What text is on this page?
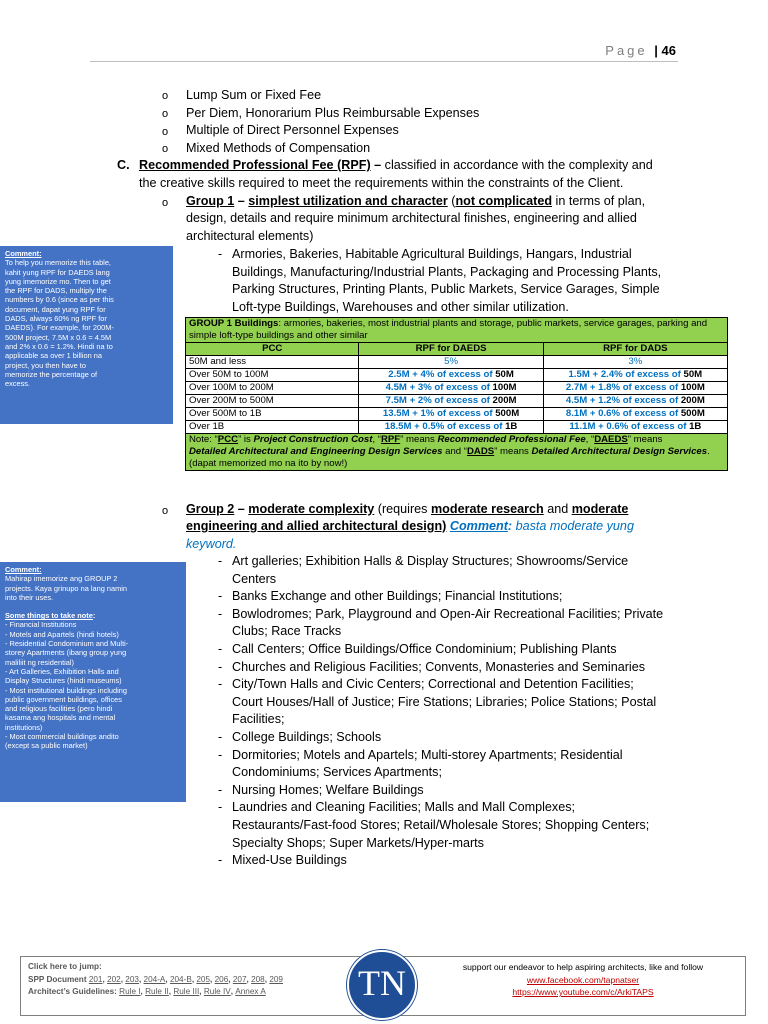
Page | 46
o Lump Sum or Fixed Fee
o Per Diem, Honorarium Plus Reimbursable Expenses
o Multiple of Direct Personnel Expenses
o Mixed Methods of Compensation
C. Recommended Professional Fee (RPF) – classified in accordance with the complexity and
the creative skills required to meet the requirements within the constraints of the Client.
o Group 1 – simplest utilization and character (not complicated in terms of plan,
design, details and require minimum architectural finishes, engineering and allied
architectural elements)
- Armories, Bakeries, Habitable Agricultural Buildings, Hangars, Industrial
Buildings, Manufacturing/Industrial Plants, Packaging and Processing Plants,
Parking Structures, Printing Plants, Public Markets, Service Garages, Simple
Loft-type Buildings, Warehouses and other similar utilization.
GROUP 1 Buildings: armories, bakeries, most industrial plants and storage, public markets, service garages, parking and simple loft-type buildings and other similar		
PCC	RPF for DAEDS	RPF for DADS
50M and less	5%	3%
Over 50M to 100M	2.5M + 4% of excess of 50M	1.5M + 2.4% of excess of 50M
Over 100M to 200M	4.5M + 3% of excess of 100M	2.7M + 1.8% of excess of 100M
Over 200M to 500M	7.5M + 2% of excess of 200M	4.5M + 1.2% of excess of 200M
Over 500M to 1B	13.5M + 1% of excess of 500M	8.1M + 0.6% of excess of 500M
Over 1B	18.5M + 0.5% of excess of 1B	11.1M + 0.6% of excess of 1B
Note: “PCC” is Project Construction Cost, “RPF” means Recommended Professional Fee, “DAEDS” means
Detailed Architectural and Engineering Design Services and “DADS” means Detailed Architectural Design Services. (dapat memorized mo na ito by now!)		
o Group 2 – moderate complexity (requires moderate research and moderate
engineering and allied architectural design) Comment: basta moderate yung
keyword.
- Art galleries; Exhibition Halls & Display Structures; Showrooms/Service
Centers
- Banks Exchange and other Buildings; Financial Institutions;
- Bowlodromes; Park, Playground and Open-Air Recreational Facilities; Private
Clubs; Race Tracks
- Call Centers; Office Buildings/Office Condominium; Publishing Plants
- Churches and Religious Facilities; Convents, Monasteries and Seminaries
- City/Town Halls and Civic Centers; Correctional and Detention Facilities;
Court Houses/Hall of Justice; Fire Stations; Libraries; Police Stations; Postal
Facilities;
- College Buildings; Schools
- Dormitories; Motels and Apartels; Multi-storey Apartments; Residential
Condominiums; Services Apartments;
- Nursing Homes; Welfare Buildings
- Laundries and Cleaning Facilities; Malls and Mall Complexes;
Restaurants/Fast-food Stores; Retail/Wholesale Stores; Shopping Centers;
Specialty Shops; Super Markets/Hyper-marts
- Mixed-Use Buildings
Comment:
To help you memorize this table,
kahit yung RPF for DAEDS lang
yung imemorize mo. Then to get
the RPF for DADS, multiply the
numbers by 0.6 (since as per this
document, dapat yung RPF for
DADS, always 60% ng RPF for
DAEDS). For example, for 200M-
500M project, 7.5M x 0.6 = 4.5M
and 2% x 0.6 = 1.2%. Hindi na to
applicable sa over 1 billion na
project, you then have to
memorize the percentage of
excess.
Comment:
Mahirap imemorize ang GROUP 2
projects. Kaya grinupo na lang namin
into their uses.
Some things to take note:
- Financial Institutions
- Motels and Apartels (hindi hotels)
- Residential Condominium and Multi-
storey Apartments (ibang group yung
maliliit ng residential)
- Art Galleries, Exhibition Halls and
Display Structures (hindi museums)
- Most institutional buildings including
public government buildings, offices
and religious facilities (pero hindi
kasama ang hospitals and mental
institutions)
- Most commercial buildings andito
(except sa public market)
Click here to jump:
SPP Document 201, 202, 203, 204-A, 204-B, 205, 206, 207, 208, 209
Architect’s Guidelines: Rule I, Rule II, Rule III, Rule IV, Annex A	TN	support our endeavor to help aspiring architects, like and follow
www.facebook.com/tapnatser
https://www.youtube.com/c/ArkiTAPS
